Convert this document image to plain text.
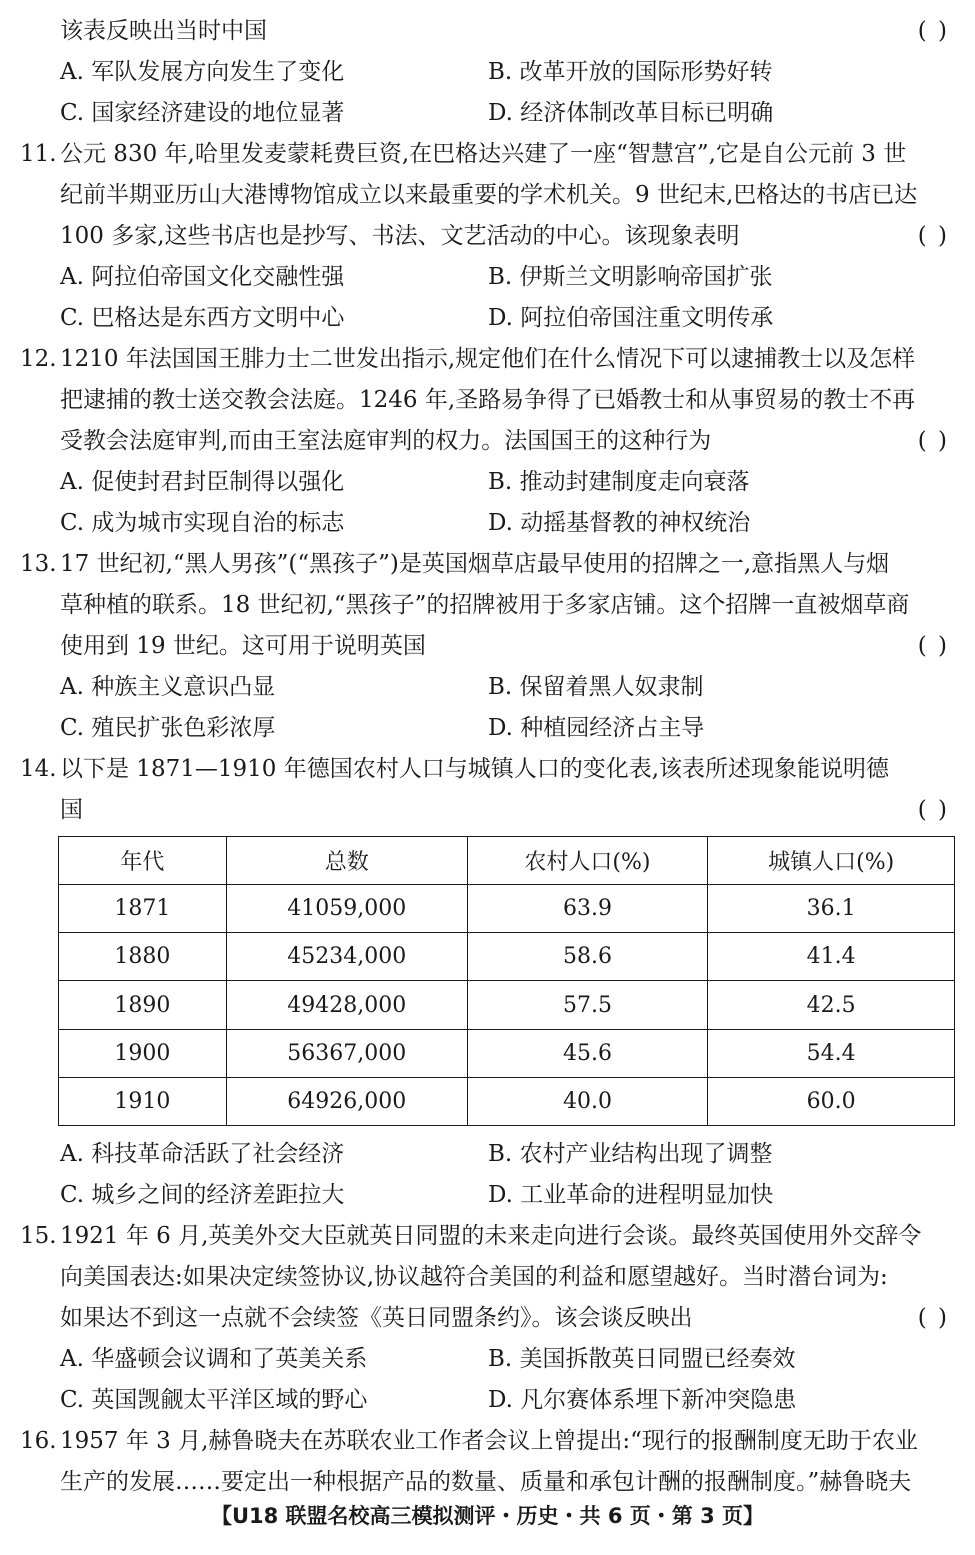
该表反映出当时中国	( )
A. 军队发展方向发生了变化	B. 改革开放的国际形势好转
C. 国家经济建设的地位显著	D. 经济体制改革目标已明确
11. 公元 830 年,哈里发麦蒙耗费巨资,在巴格达兴建了一座“智慧宫”,它是自公元前 3 世
纪前半期亚历山大港博物馆成立以来最重要的学术机关。9 世纪末,巴格达的书店已达
100 多家,这些书店也是抄写、书法、文艺活动的中心。该现象表明	( )
A. 阿拉伯帝国文化交融性强	B. 伊斯兰文明影响帝国扩张
C. 巴格达是东西方文明中心	D. 阿拉伯帝国注重文明传承
12. 1210 年法国国王腓力士二世发出指示,规定他们在什么情况下可以逮捕教士以及怎样
把逮捕的教士送交教会法庭。1246 年,圣路易争得了已婚教士和从事贸易的教士不再
受教会法庭审判,而由王室法庭审判的权力。法国国王的这种行为	( )
A. 促使封君封臣制得以强化	B. 推动封建制度走向衰落
C. 成为城市实现自治的标志	D. 动摇基督教的神权统治
13. 17 世纪初,“黑人男孩”(“黑孩子”)是英国烟草店最早使用的招牌之一,意指黑人与烟
草种植的联系。18 世纪初,“黑孩子”的招牌被用于多家店铺。这个招牌一直被烟草商
使用到 19 世纪。这可用于说明英国	( )
A. 种族主义意识凸显	B. 保留着黑人奴隶制
C. 殖民扩张色彩浓厚	D. 种植园经济占主导
14. 以下是 1871—1910 年德国农村人口与城镇人口的变化表,该表所述现象能说明德
国	( )
年代	总数	农村人口(%)	城镇人口(%)
1871	41059,000	63.9	36.1
1880	45234,000	58.6	41.4
1890	49428,000	57.5	42.5
1900	56367,000	45.6	54.4
1910	64926,000	40.0	60.0
A. 科技革命活跃了社会经济	B. 农村产业结构出现了调整
C. 城乡之间的经济差距拉大	D. 工业革命的进程明显加快
15. 1921 年 6 月,英美外交大臣就英日同盟的未来走向进行会谈。最终英国使用外交辞令
向美国表达:如果决定续签协议,协议越符合美国的利益和愿望越好。当时潜台词为:
如果达不到这一点就不会续签《英日同盟条约》。该会谈反映出	( )
A. 华盛顿会议调和了英美关系	B. 美国拆散英日同盟已经奏效
C. 英国觊觎太平洋区域的野心	D. 凡尔赛体系埋下新冲突隐患
16. 1957 年 3 月,赫鲁晓夫在苏联农业工作者会议上曾提出:“现行的报酬制度无助于农业
生产的发展……要定出一种根据产品的数量、质量和承包计酬的报酬制度。”赫鲁晓夫
【U18 联盟名校高三模拟测评・历史・共 6 页・第 3 页】
